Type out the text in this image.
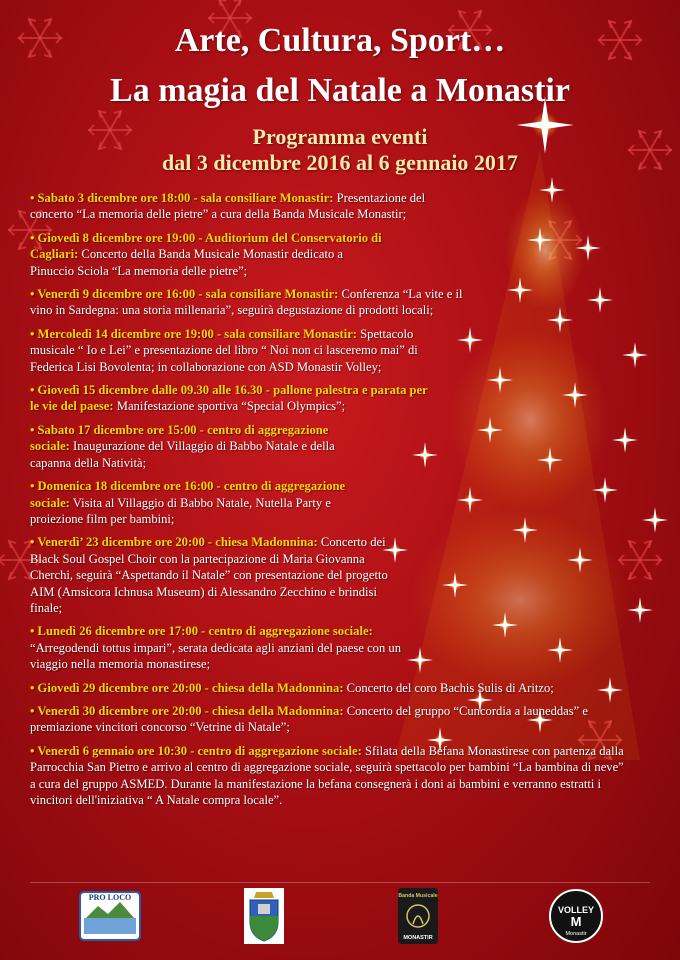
Arte, Cultura, Sport…
La magia del Natale a Monastir
Programma eventi
dal 3 dicembre 2016 al 6 gennaio 2017

• Sabato 3 dicembre ore 18:00 - sala consiliare Monastir: Presentazione del concerto “La memoria delle pietre” a cura della Banda Musicale Monastir;

• Giovedì 8 dicembre ore 19:00 - Auditorium del Conservatorio di Cagliari: Concerto della Banda Musicale Monastir dedicato a Pinuccio Sciola “La memoria delle pietre”;

• Venerdì 9 dicembre ore 16:00 - sala consiliare Monastir: Conferenza “La vite e il vino in Sardegna: una storia millenaria”, seguirà degustazione di prodotti locali;

• Mercoledì 14 dicembre ore 19:00 - sala consiliare Monastir: Spettacolo musicale “ Io e Lei” e presentazione del libro “ Noi non ci lasceremo mai” di Federica Lisi Bovolenta; in collaborazione con ASD Monastir Volley;

• Giovedì 15 dicembre dalle 09.30 alle 16.30 - pallone palestra e parata per le vie del paese: Manifestazione sportiva “Special Olympics”;

• Sabato 17 dicembre ore 15:00 - centro di aggregazione sociale: Inaugurazione del Villaggio di Babbo Natale e della capanna della Natività;

• Domenica 18 dicembre ore 16:00 - centro di aggregazione sociale: Visita al Villaggio di Babbo Natale, Nutella Party e proiezione film per bambini;

• Venerdì’ 23 dicembre ore 20:00 - chiesa Madonnina: Concerto dei Black Soul Gospel Choir con la partecipazione di Maria Giovanna Cherchi, seguirà “Aspettando il Natale” con presentazione del progetto AIM (Amsicora Ichnusa Museum) di Alessandro Zecchino e brindisi finale;

• Lunedì 26 dicembre ore 17:00 - centro di aggregazione sociale: “Arregodendi tottus impari”, serata dedicata agli anziani del paese con un viaggio nella memoria monastirese;

• Giovedì 29 dicembre ore 20:00 - chiesa della Madonnina: Concerto del coro Bachis Sulis di Aritzo;

• Venerdì 30 dicembre ore 20:00 - chiesa della Madonnina: Concerto del gruppo “Cuncordia a launeddas” e premiazione vincitori concorso “Vetrine di Natale”;

• Venerdì 6 gennaio ore 10:30 - centro di aggregazione sociale: Sfilata della Befana Monastirese con partenza dalla Parrocchia San Pietro e arrivo al centro di aggregazione sociale, seguirà spettacolo per bambini “La bambina di neve” a cura del gruppo ASMED. Durante la manifestazione la befana consegnerà i doni ai bambini e verranno estratti i vincitori dell'iniziativa “ A Natale compra locale”.

PRO LOCO	Banda Musicale
MONASTIR
VOLLEY
M
Monastir
